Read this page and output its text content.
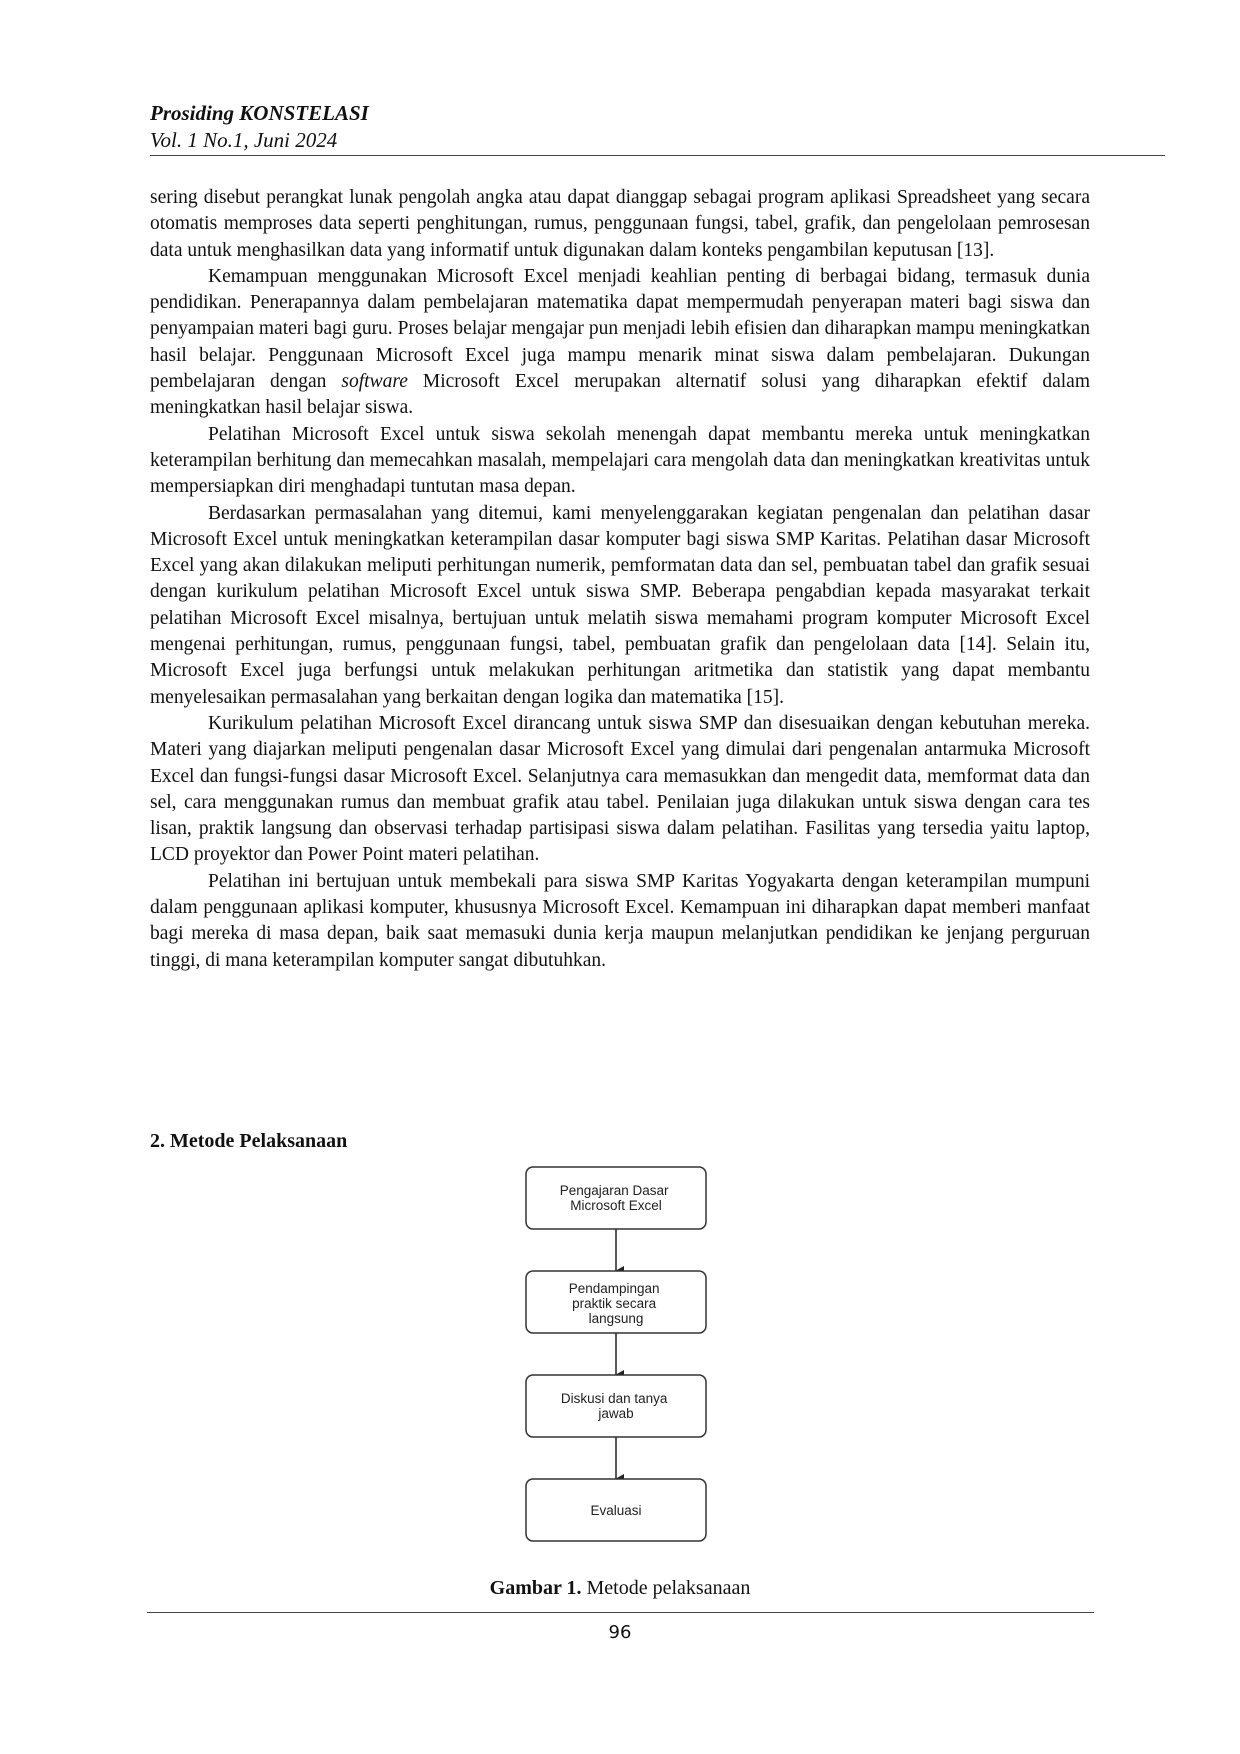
Prosiding KONSTELASI
Vol. 1 No.1, Juni 2024

sering disebut perangkat lunak pengolah angka atau dapat dianggap sebagai program aplikasi Spreadsheet yang secara otomatis memproses data seperti penghitungan, rumus, penggunaan fungsi, tabel, grafik, dan pengelolaan pemrosesan data untuk menghasilkan data yang informatif untuk digunakan dalam konteks pengambilan keputusan [13].

Kemampuan menggunakan Microsoft Excel menjadi keahlian penting di berbagai bidang, termasuk dunia pendidikan. Penerapannya dalam pembelajaran matematika dapat mempermudah penyerapan materi bagi siswa dan penyampaian materi bagi guru. Proses belajar mengajar pun menjadi lebih efisien dan diharapkan mampu meningkatkan hasil belajar. Penggunaan Microsoft Excel juga mampu menarik minat siswa dalam pembelajaran. Dukungan pembelajaran dengan software Microsoft Excel merupakan alternatif solusi yang diharapkan efektif dalam meningkatkan hasil belajar siswa.

Pelatihan Microsoft Excel untuk siswa sekolah menengah dapat membantu mereka untuk meningkatkan keterampilan berhitung dan memecahkan masalah, mempelajari cara mengolah data dan meningkatkan kreativitas untuk mempersiapkan diri menghadapi tuntutan masa depan.

Berdasarkan permasalahan yang ditemui, kami menyelenggarakan kegiatan pengenalan dan pelatihan dasar Microsoft Excel untuk meningkatkan keterampilan dasar komputer bagi siswa SMP Karitas. Pelatihan dasar Microsoft Excel yang akan dilakukan meliputi perhitungan numerik, pemformatan data dan sel, pembuatan tabel dan grafik sesuai dengan kurikulum pelatihan Microsoft Excel untuk siswa SMP. Beberapa pengabdian kepada masyarakat terkait pelatihan Microsoft Excel misalnya, bertujuan untuk melatih siswa memahami program komputer Microsoft Excel mengenai perhitungan, rumus, penggunaan fungsi, tabel, pembuatan grafik dan pengelolaan data [14]. Selain itu, Microsoft Excel juga berfungsi untuk melakukan perhitungan aritmetika dan statistik yang dapat membantu menyelesaikan permasalahan yang berkaitan dengan logika dan matematika [15].

Kurikulum pelatihan Microsoft Excel dirancang untuk siswa SMP dan disesuaikan dengan kebutuhan mereka. Materi yang diajarkan meliputi pengenalan dasar Microsoft Excel yang dimulai dari pengenalan antarmuka Microsoft Excel dan fungsi-fungsi dasar Microsoft Excel. Selanjutnya cara memasukkan dan mengedit data, memformat data dan sel, cara menggunakan rumus dan membuat grafik atau tabel. Penilaian juga dilakukan untuk siswa dengan cara tes lisan, praktik langsung dan observasi terhadap partisipasi siswa dalam pelatihan. Fasilitas yang tersedia yaitu laptop, LCD proyektor dan Power Point materi pelatihan.

Pelatihan ini bertujuan untuk membekali para siswa SMP Karitas Yogyakarta dengan keterampilan mumpuni dalam penggunaan aplikasi komputer, khususnya Microsoft Excel. Kemampuan ini diharapkan dapat memberi manfaat bagi mereka di masa depan, baik saat memasuki dunia kerja maupun melanjutkan pendidikan ke jenjang perguruan tinggi, di mana keterampilan komputer sangat dibutuhkan.

2. Metode Pelaksanaan
Pengajaran Dasar Microsoft Excel
Pendampingan praktik secara langsung
Diskusi dan tanya jawab
Evaluasi
Gambar 1. Metode pelaksanaan
96
